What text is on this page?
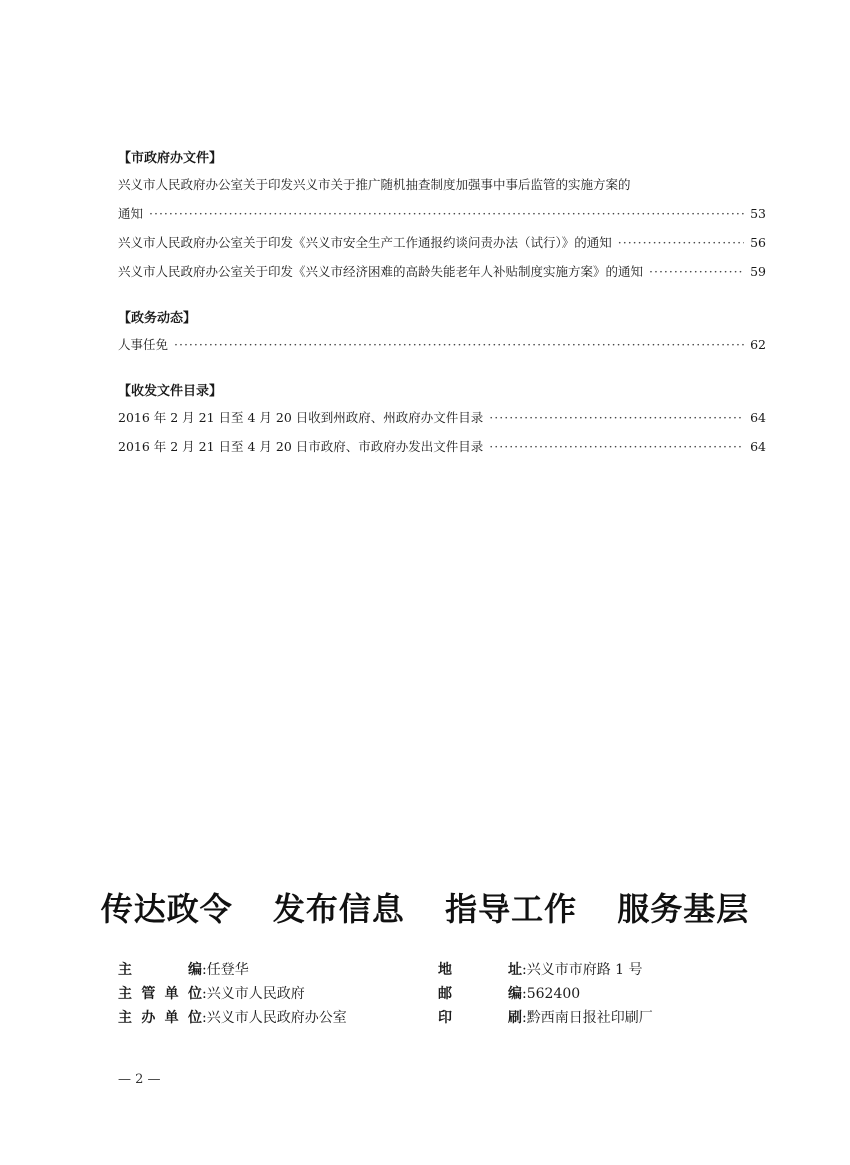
【市政府办文件】
兴义市人民政府办公室关于印发兴义市关于推广随机抽查制度加强事中事后监管的实施方案的
通知 ·····	53
兴义市人民政府办公室关于印发《兴义市安全生产工作通报约谈问责办法（试行）》的通知 ·····	56
兴义市人民政府办公室关于印发《兴义市经济困难的高龄失能老年人补贴制度实施方案》的通知 ·····	59
【政务动态】
人事任免 ·····	62
【收发文件目录】
2016 年 2 月 21 日至 4 月 20 日收到州政府、州政府办文件目录 ·····	64
2016 年 2 月 21 日至 4 月 20 日市政府、市政府办发出文件目录 ·····	64
传达政令 发布信息 指导工作 服务基层
主	编 : 任登华	地	址 : 兴义市市府路 1 号
主 管 单 位 : 兴义市人民政府	邮	编 : 562400
主 办 单 位 : 兴义市人民政府办公室	印	刷 : 黔西南日报社印刷厂
— 2 —
